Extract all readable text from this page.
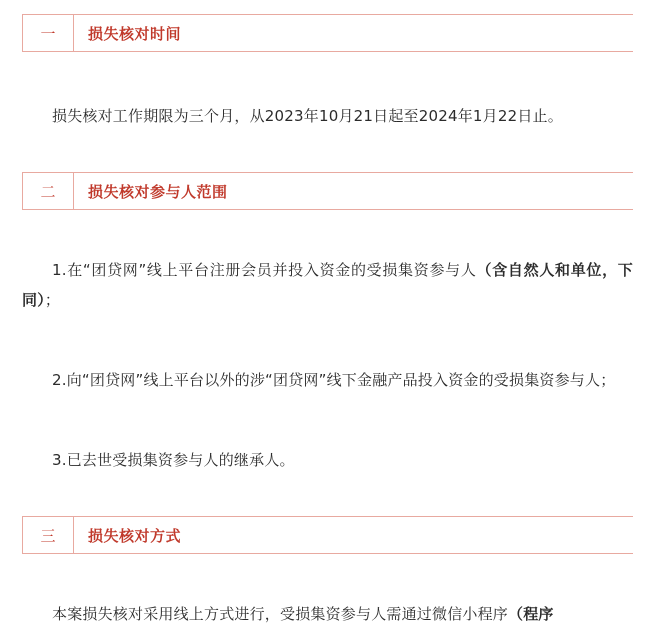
一	损失核对时间

损失核对工作期限为三个月，从2023年10月21日起至2024年1月22日止。

二	损失核对参与人范围

1.在“团贷网”线上平台注册会员并投入资金的受损集资参与人（含自然人和单位，下同）；

2.向“团贷网”线上平台以外的涉“团贷网”线下金融产品投入资金的受损集资参与人；

3.已去世受损集资参与人的继承人。

三	损失核对方式

本案损失核对采用线上方式进行，受损集资参与人需通过微信小程序（程序
